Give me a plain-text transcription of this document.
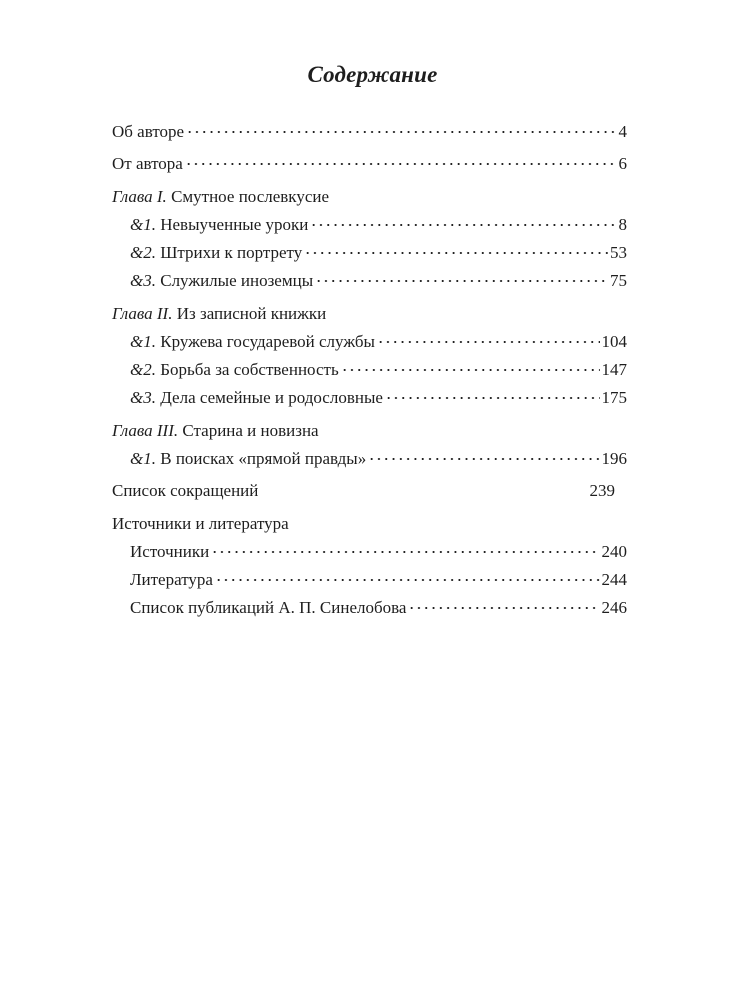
Содержание
Об авторе	4
От автора	6
Глава I. Смутное послевкусие
&1. Невыученные уроки	8
&2. Штрихи к портрету	53
&3. Служилые иноземцы	75
Глава II. Из записной книжки
&1. Кружева государевой службы	104
&2. Борьба за собственность	147
&3. Дела семейные и родословные	175
Глава III. Старина и новизна
&1. В поисках «прямой правды»	196
Список сокращений	239
Источники и литература
Источники	240
Литература	244
Список публикаций А. П. Синелобова	246
